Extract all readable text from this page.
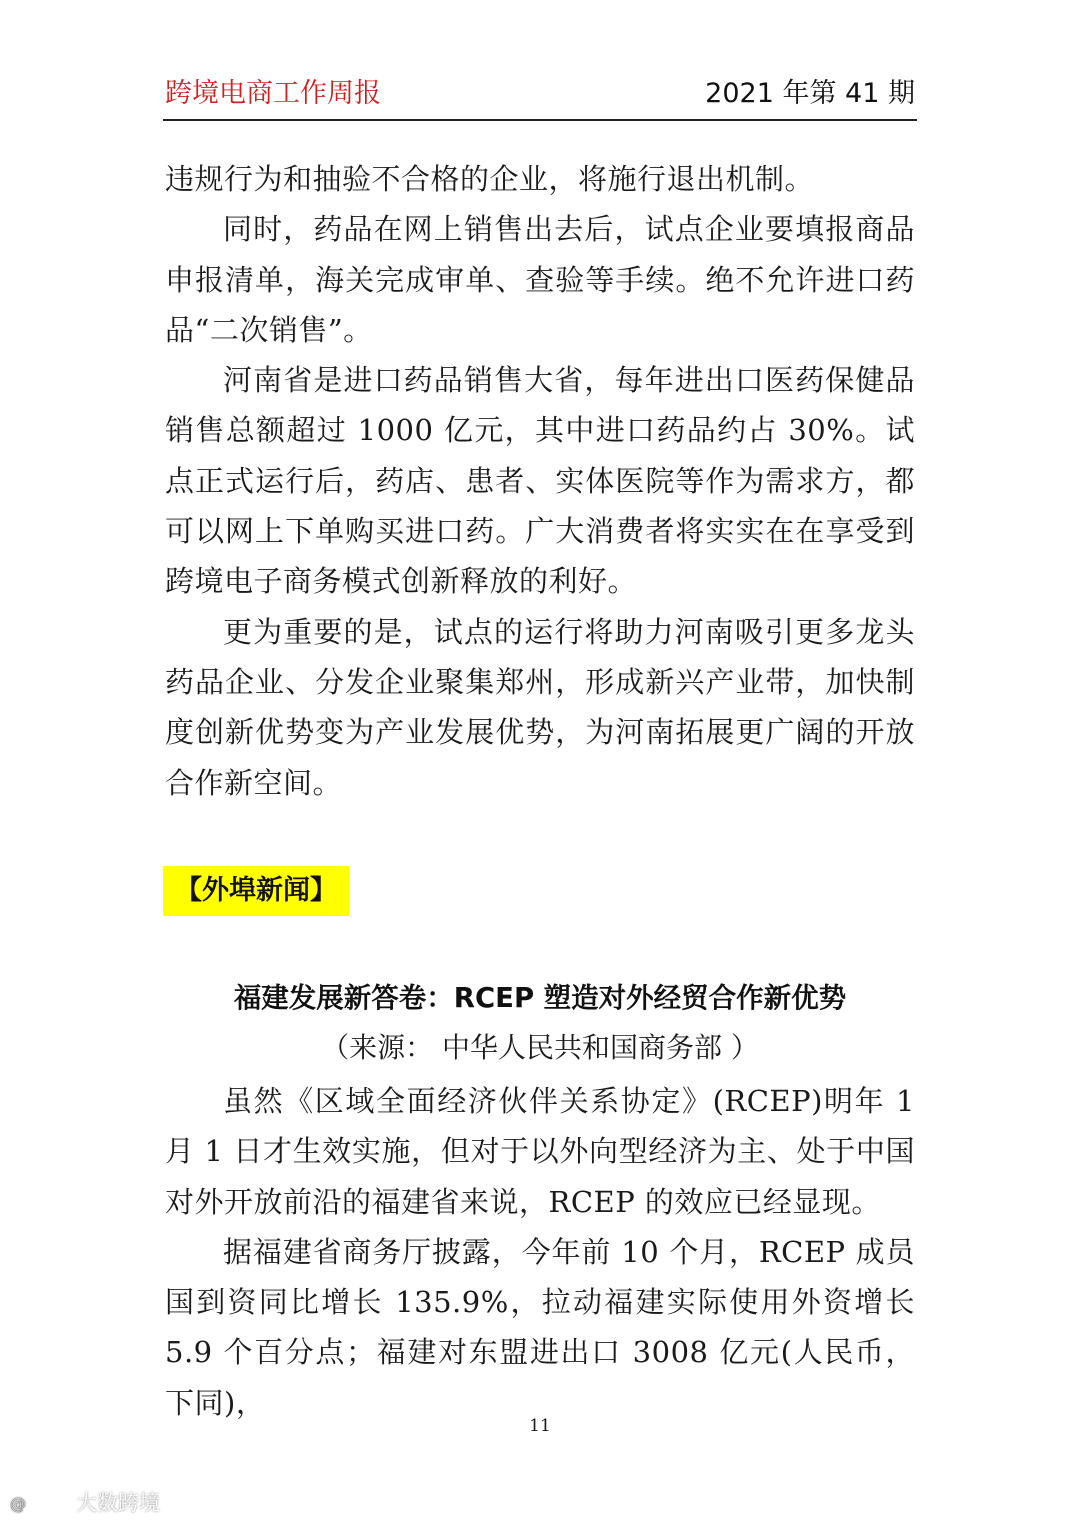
跨境电商工作周报	2021 年第 41 期

违规行为和抽验不合格的企业，将施行退出机制。

同时，药品在网上销售出去后，试点企业要填报商品申报清单，海关完成审单、查验等手续。绝不允许进口药品“二次销售”。

河南省是进口药品销售大省，每年进出口医药保健品销售总额超过 1000 亿元，其中进口药品约占 30%。试点正式运行后，药店、患者、实体医院等作为需求方，都可以网上下单购买进口药。广大消费者将实实在在享受到跨境电子商务模式创新释放的利好。

更为重要的是，试点的运行将助力河南吸引更多龙头药品企业、分发企业聚集郑州，形成新兴产业带，加快制度创新优势变为产业发展优势，为河南拓展更广阔的开放合作新空间。

【外埠新闻】
福建发展新答卷：RCEP 塑造对外经贸合作新优势
（来源： 中华人民共和国商务部 ）

虽然《区域全面经济伙伴关系协定》(RCEP)明年 1 月 1 日才生效实施，但对于以外向型经济为主、处于中国对外开放前沿的福建省来说，RCEP 的效应已经显现。

据福建省商务厅披露，今年前 10 个月，RCEP 成员国到资同比增长 135.9%，拉动福建实际使用外资增长 5.9 个百分点；福建对东盟进出口 3008 亿元(人民币，下同)，

11
@ 大数跨境
